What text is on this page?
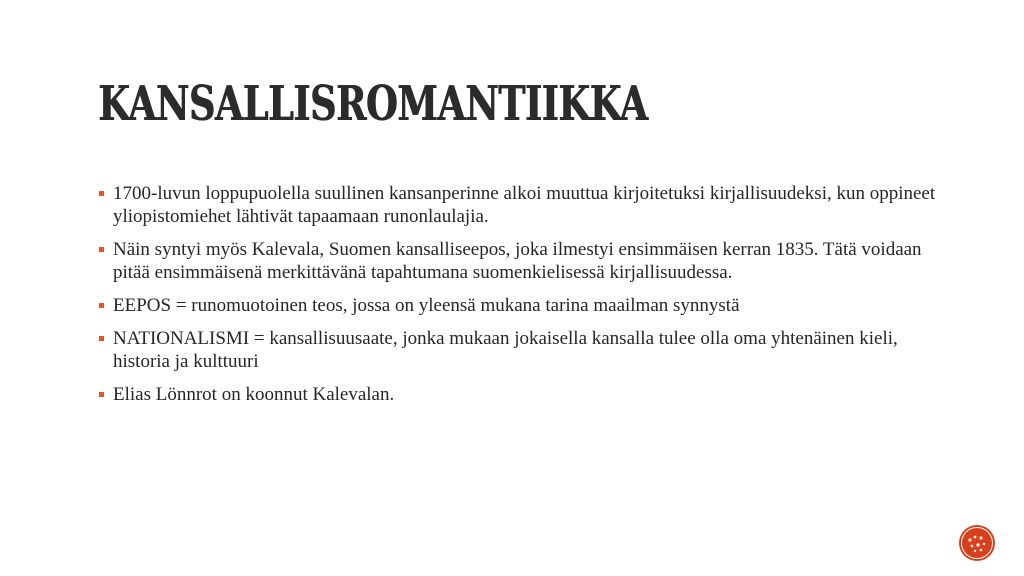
KANSALLISROMANTIIKKA
1700-luvun loppupuolella suullinen kansanperinne alkoi muuttua kirjoitetuksi kirjallisuudeksi, kun oppineet yliopistomiehet lähtivät tapaamaan runonlaulajia.
Näin syntyi myös Kalevala, Suomen kansalliseepos, joka ilmestyi ensimmäisen kerran 1835. Tätä voidaan pitää ensimmäisenä merkittävänä tapahtumana suomenkielisessä kirjallisuudessa.
EEPOS = runomuotoinen teos, jossa on yleensä mukana tarina maailman synnystä
NATIONALISMI = kansallisuusaate, jonka mukaan jokaisella kansalla tulee olla oma yhtenäinen kieli, historia ja kulttuuri
Elias Lönnrot on koonnut Kalevalan.
